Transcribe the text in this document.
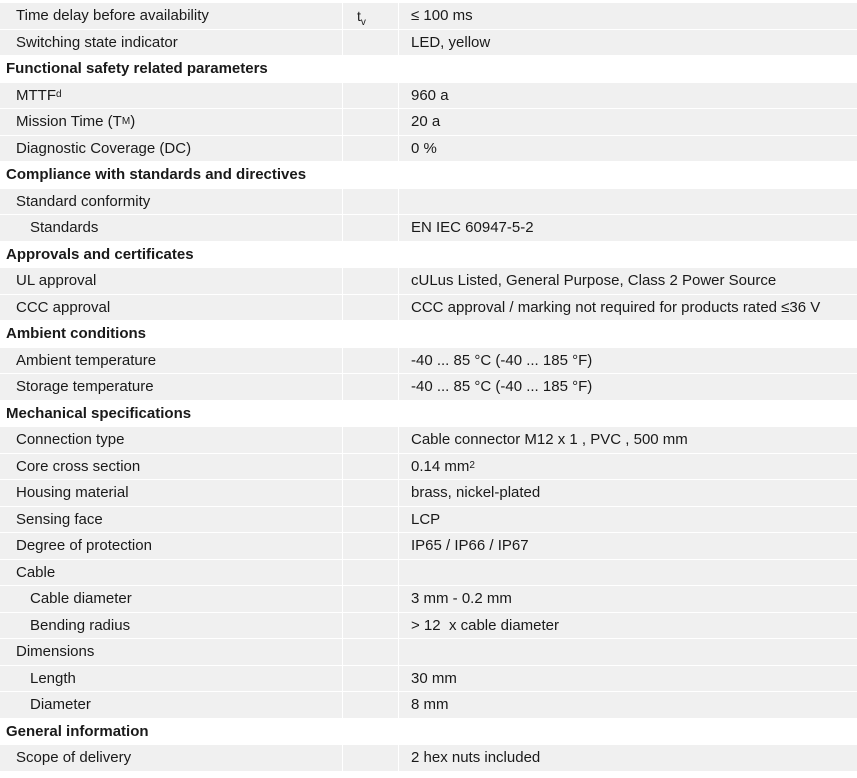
Time delay before availability	$t_v$	≤ 100 ms
Switching state indicator	LED, yellow
Functional safety related parameters
MTTF d	960 a
Mission Time (T M )	20 a
Diagnostic Coverage (DC)	0 %
Compliance with standards and directives
Standard conformity
Standards	EN IEC 60947-5-2
Approvals and certificates
UL approval	cULus Listed, General Purpose, Class 2 Power Source
CCC approval	CCC approval / marking not required for products rated ≤36 V
Ambient conditions
Ambient temperature	-40 ... 85 °C (-40 ... 185 °F)
Storage temperature	-40 ... 85 °C (-40 ... 185 °F)
Mechanical specifications
Connection type	Cable connector M12 x 1 , PVC , 500 mm
Core cross section	0.14 mm 2
Housing material	brass, nickel-plated
Sensing face	LCP
Degree of protection	IP65 / IP66 / IP67
Cable
Cable diameter	3 mm - 0.2 mm
Bending radius	> 12  x cable diameter
Dimensions
Length	30 mm
Diameter	8 mm
General information
Scope of delivery	2 hex nuts included
